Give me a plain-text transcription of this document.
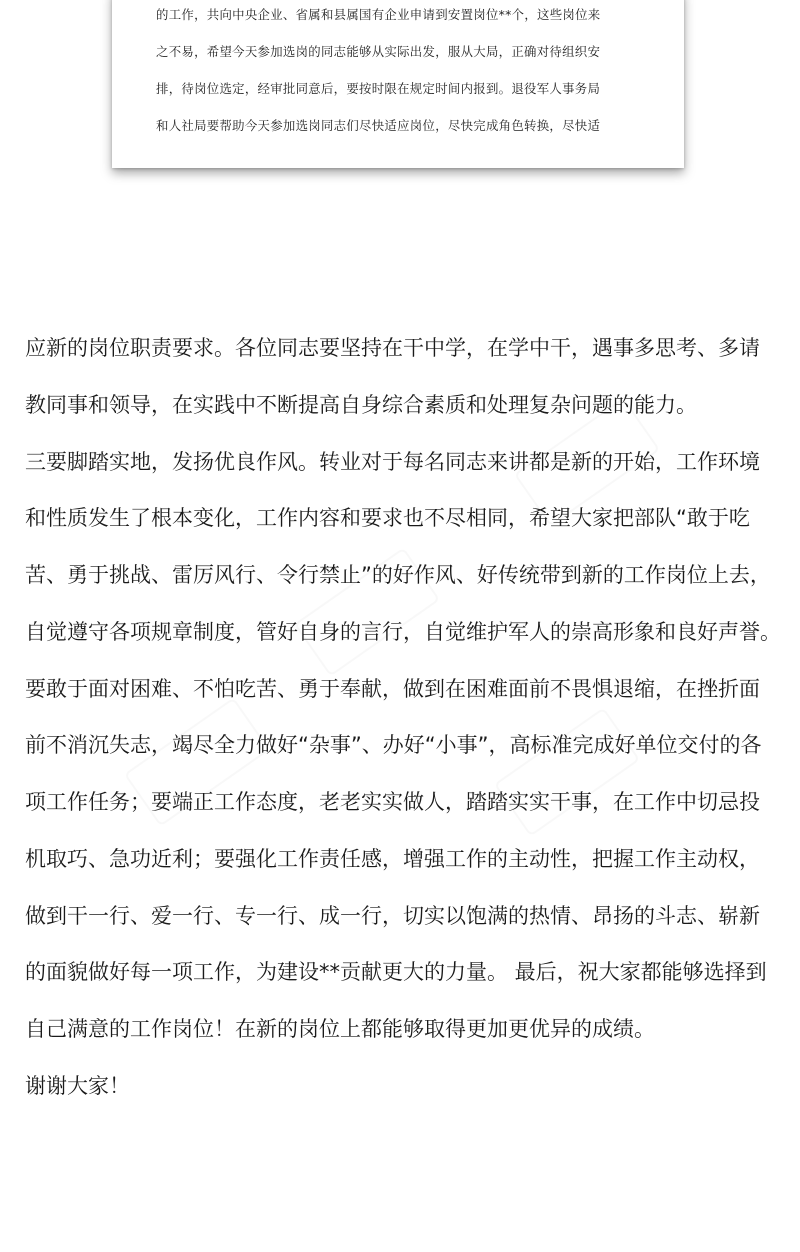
的工作，共向中央企业、省属和县属国有企业申请到安置岗位**个，这些岗位来
之不易，希望今天参加选岗的同志能够从实际出发，服从大局，正确对待组织安
排，待岗位选定，经审批同意后，要按时限在规定时间内报到。退役军人事务局
和人社局要帮助今天参加选岗同志们尽快适应岗位，尽快完成角色转换，尽快适
应新的岗位职责要求。各位同志要坚持在干中学，在学中干，遇事多思考、多请
教同事和领导，在实践中不断提高自身综合素质和处理复杂问题的能力。
三要脚踏实地，发扬优良作风。转业对于每名同志来讲都是新的开始，工作环境
和性质发生了根本变化，工作内容和要求也不尽相同，希望大家把部队“敢于吃
苦、勇于挑战、雷厉风行、令行禁止”的好作风、好传统带到新的工作岗位上去，
自觉遵守各项规章制度，管好自身的言行，自觉维护军人的崇高形象和良好声誉。
要敢于面对困难、不怕吃苦、勇于奉献，做到在困难面前不畏惧退缩，在挫折面
前不消沉失志，竭尽全力做好“杂事”、办好“小事”，高标准完成好单位交付的各
项工作任务；要端正工作态度，老老实实做人，踏踏实实干事，在工作中切忌投
机取巧、急功近利；要强化工作责任感，增强工作的主动性，把握工作主动权，
做到干一行、爱一行、专一行、成一行，切实以饱满的热情、昂扬的斗志、崭新
的面貌做好每一项工作，为建设**贡献更大的力量。 最后，祝大家都能够选择到
自己满意的工作岗位！在新的岗位上都能够取得更加更优异的成绩。
谢谢大家！
